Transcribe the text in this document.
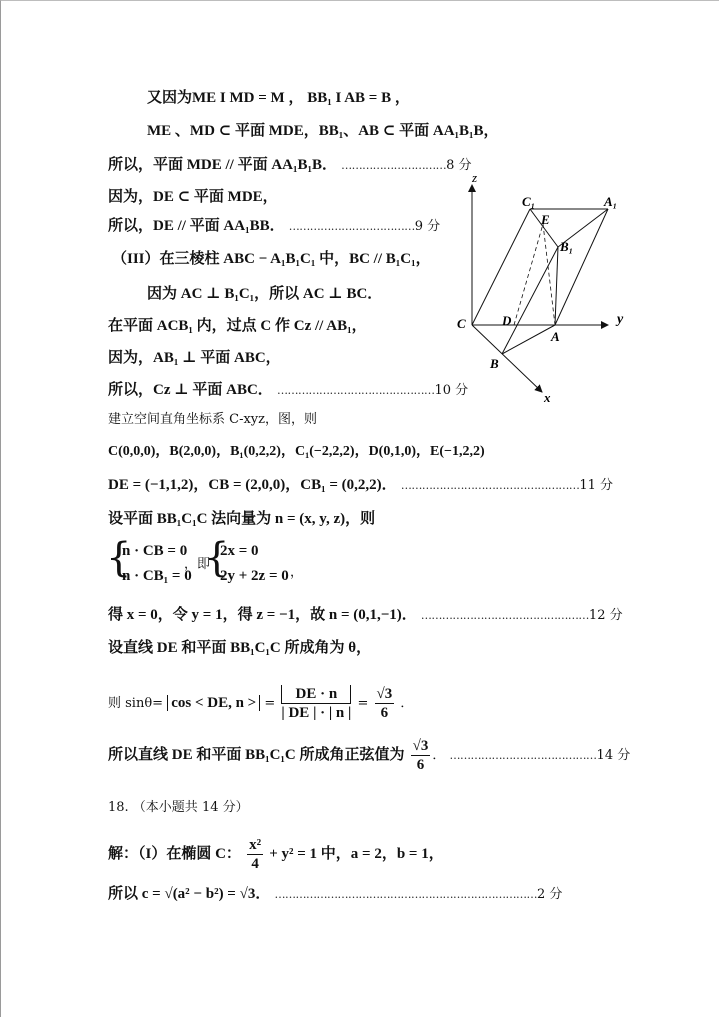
又因为ME I MD = M ， BB₁ I AB = B ，
ME 、MD ⊂ 平面 MDE，BB₁、AB ⊂ 平面 AA₁B₁B，
所以，平面 MDE // 平面 AA₁B₁B． …………………………8 分
因为，DE ⊂ 平面 MDE，
所以，DE // 平面 AA₁BB． ………………………………9 分
（III）在三棱柱 ABC − A₁B₁C₁ 中，BC // B₁C₁，
因为 AC ⊥ B₁C₁，所以 AC ⊥ BC．
在平面 ACB₁ 内，过点 C 作 Cz // AB₁，
因为，AB₁ ⊥ 平面 ABC，
所以，Cz ⊥ 平面 ABC． ………………………………………10 分
建立空间直角坐标系 C-xyz，图，则
C(0,0,0)，B(2,0,0)，B₁(0,2,2)，C₁(−2,2,2)，D(0,1,0)，E(−1,2,2)
DE = (−1,1,2)，CB = (2,0,0)，CB₁ = (0,2,2)． ……………………………………………11 分
设平面 BB₁C₁C 法向量为 n = (x, y, z)，则
{
n · CB = 0
n · CB₁ = 0
，即
{
2x = 0
2y + 2z = 0 ，
得 x = 0，令 y = 1，得 z = −1，故 n = (0,1,−1)． …………………………………………12 分
设直线 DE 和平面 BB₁C₁C 所成角为 θ，
则 sinθ= cos < DE, n > = $\frac{DE \cdot n}{| DE | \cdot | n |} = \frac{√3}{6}$ ．
所以直线 DE 和平面 BB₁C₁C 所成角正弦值为 $\frac{√3}{6}$ ． ……………………………………14 分
18. （本小题共 14 分）
解：（I）在椭圆 C： $\frac{\text{x²}}{4} + y^2 = 1$ 中，a = 2，b = 1，
所以 c = √(a² − b²) = √3． …………………………………………………………………2 分
z
y
x
C	D
A
B
C₁	A₁
E
B₁
